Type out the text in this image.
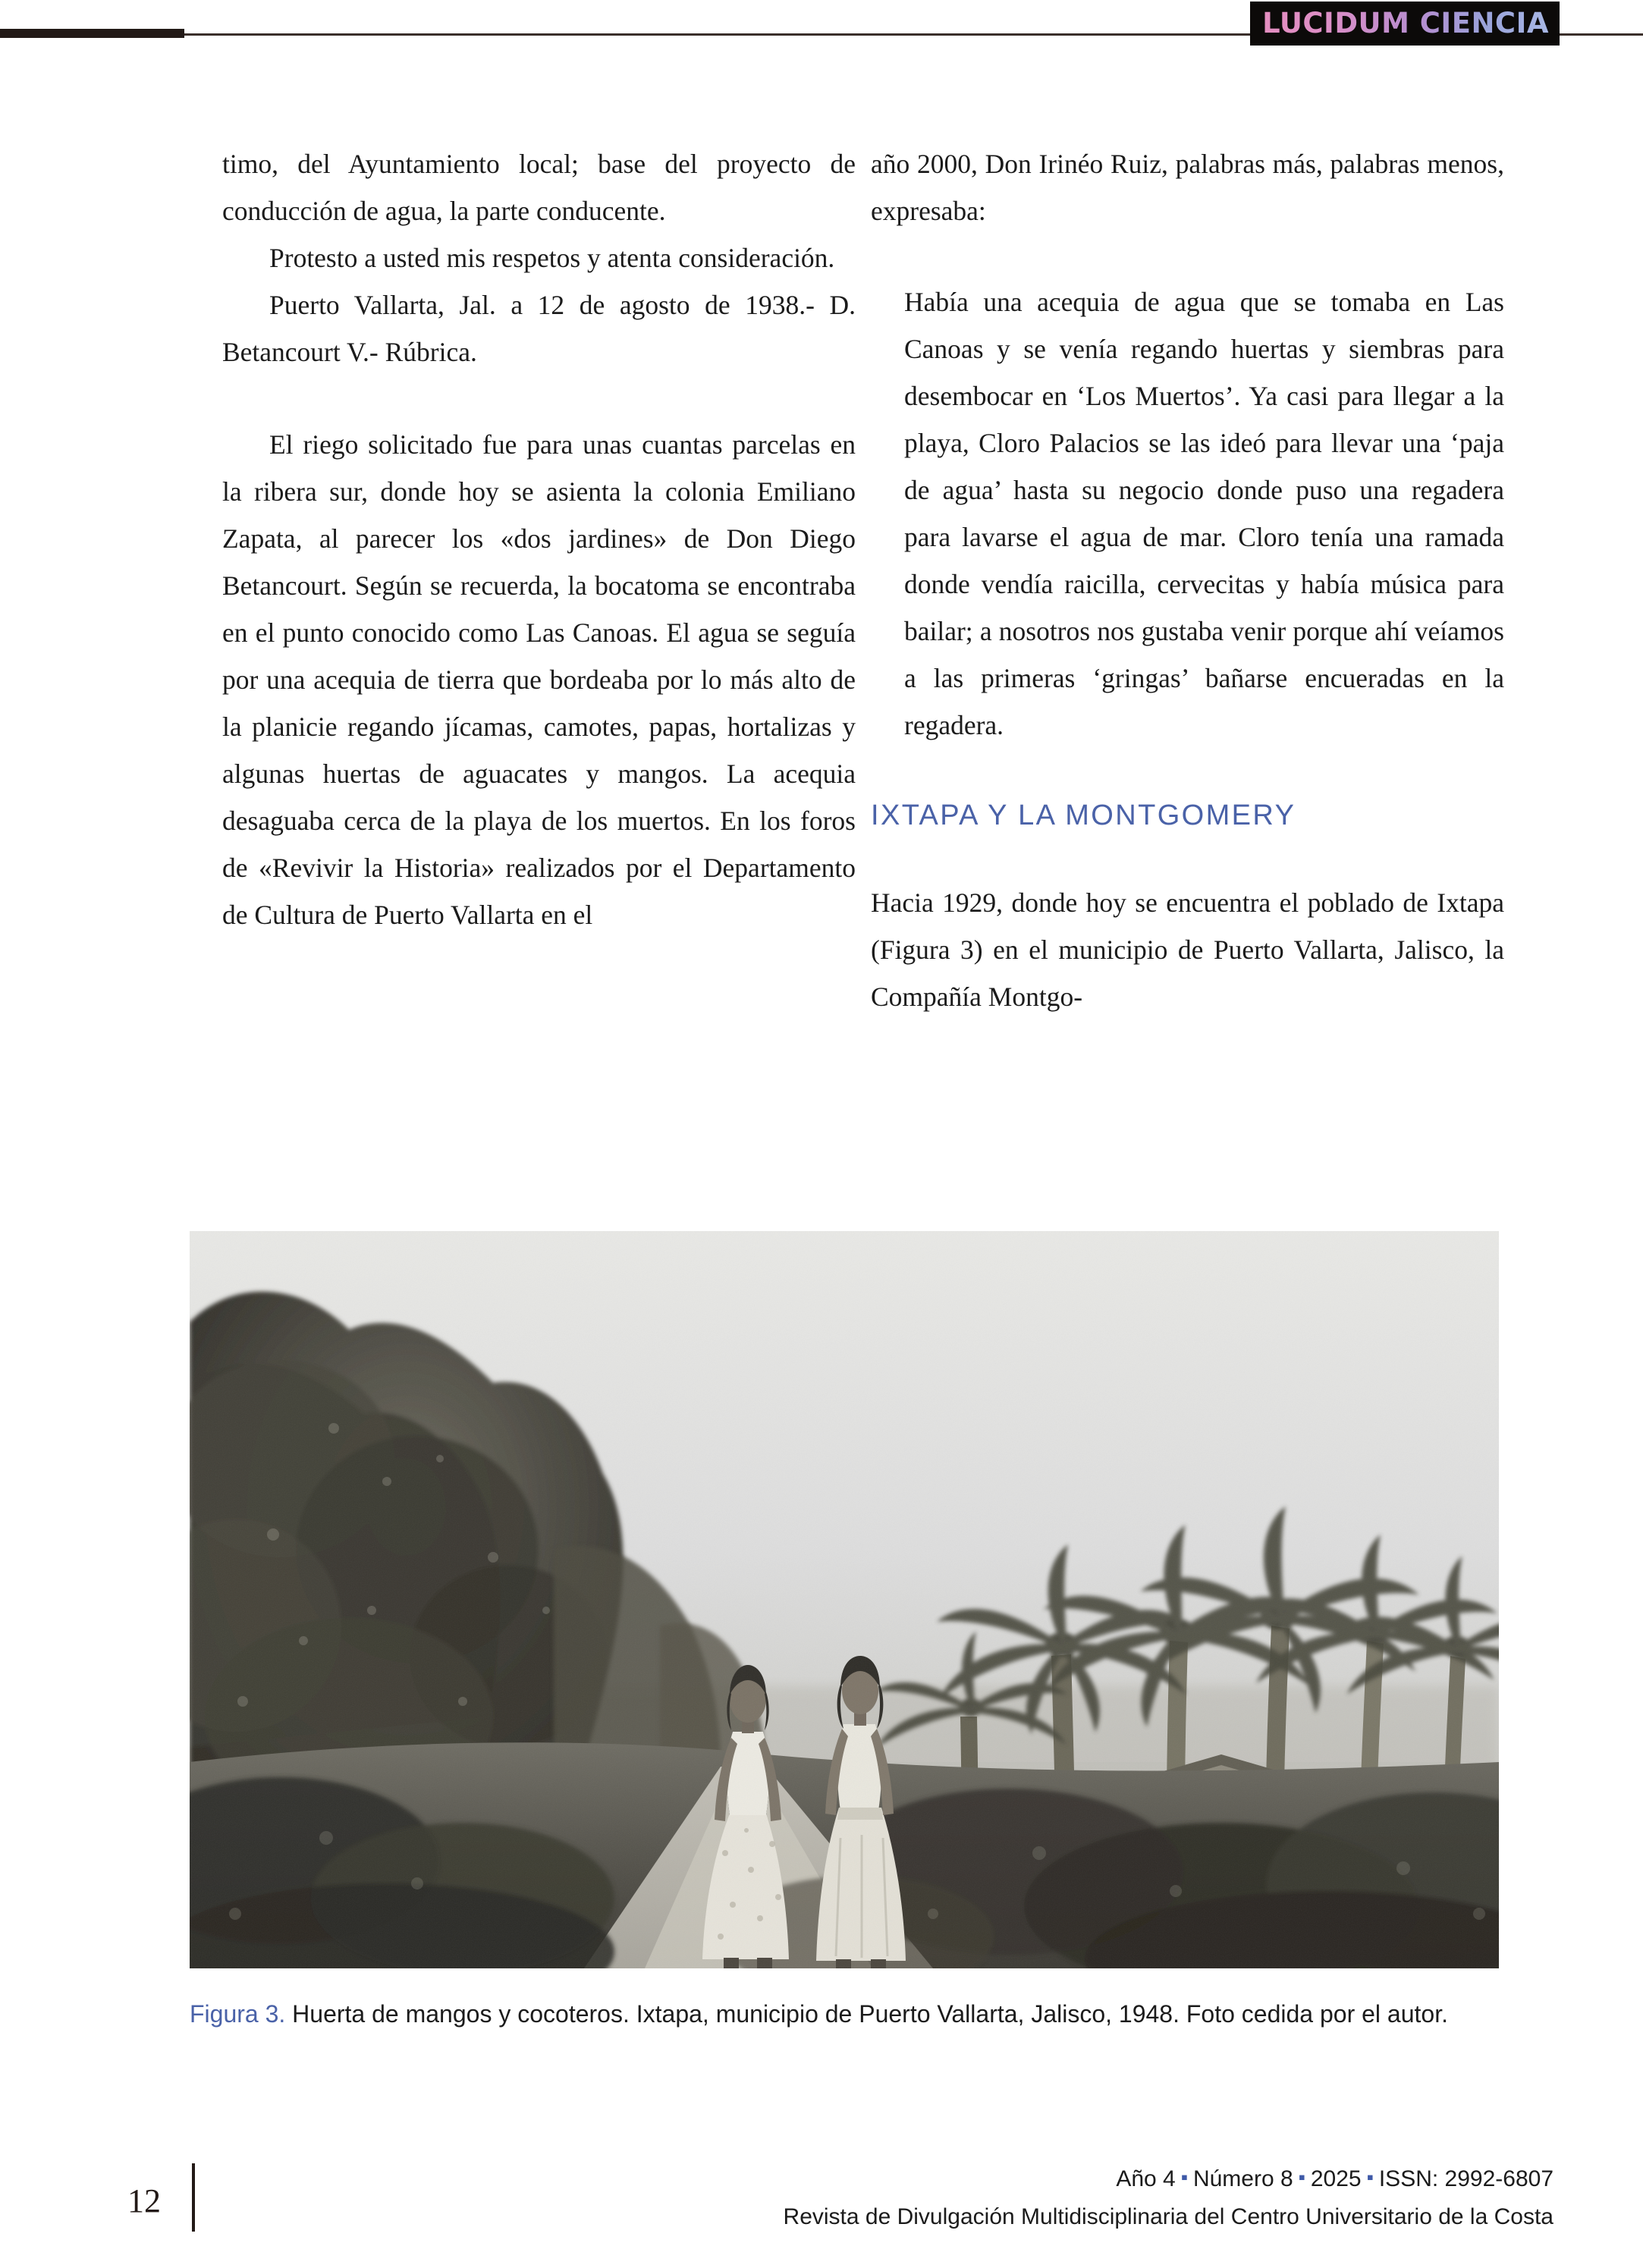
LUCIDUM CIENCIA

timo, del Ayuntamiento local; base del proyecto de conducción de agua, la parte conducente.

Protesto a usted mis respetos y atenta consideración.

Puerto Vallarta, Jal. a 12 de agosto de 1938.- D. Betancourt V.- Rúbrica.

El riego solicitado fue para unas cuantas parcelas en la ribera sur, donde hoy se asienta la colonia Emiliano Zapata, al parecer los «dos jardines» de Don Diego Betancourt. Según se recuerda, la bocatoma se encontraba en el punto conocido como Las Canoas. El agua se seguía por una acequia de tierra que bordeaba por lo más alto de la planicie regando jícamas, camotes, papas, hortalizas y algunas huertas de aguacates y mangos. La acequia desaguaba cerca de la playa de los muertos. En los foros de «Revivir la Historia» realizados por el Departamento de Cultura de Puerto Vallarta en el

año 2000, Don Irinéo Ruiz, palabras más, palabras menos, expresaba:

Había una acequia de agua que se tomaba en Las Canoas y se venía regando huertas y siembras para desembocar en ‘Los Muertos’. Ya casi para llegar a la playa, Cloro Palacios se las ideó para llevar una ‘paja de agua’ hasta su negocio donde puso una regadera para lavarse el agua de mar. Cloro tenía una ramada donde vendía raicilla, cervecitas y había música para bailar; a nosotros nos gustaba venir porque ahí veíamos a las primeras ‘gringas’ bañarse encueradas en la regadera.

IXTAPA Y LA MONTGOMERY

Hacia 1929, donde hoy se encuentra el poblado de Ixtapa (Figura 3) en el municipio de Puerto Vallarta, Jalisco, la Compañía Montgo-

Figura 3. Huerta de mangos y cocoteros. Ixtapa, municipio de Puerto Vallarta, Jalisco, 1948. Foto cedida por el autor.
12
Año 4 ▪ Número 8 ▪ 2025 ▪ ISSN: 2992-6807
Revista de Divulgación Multidisciplinaria del Centro Universitario de la Costa
